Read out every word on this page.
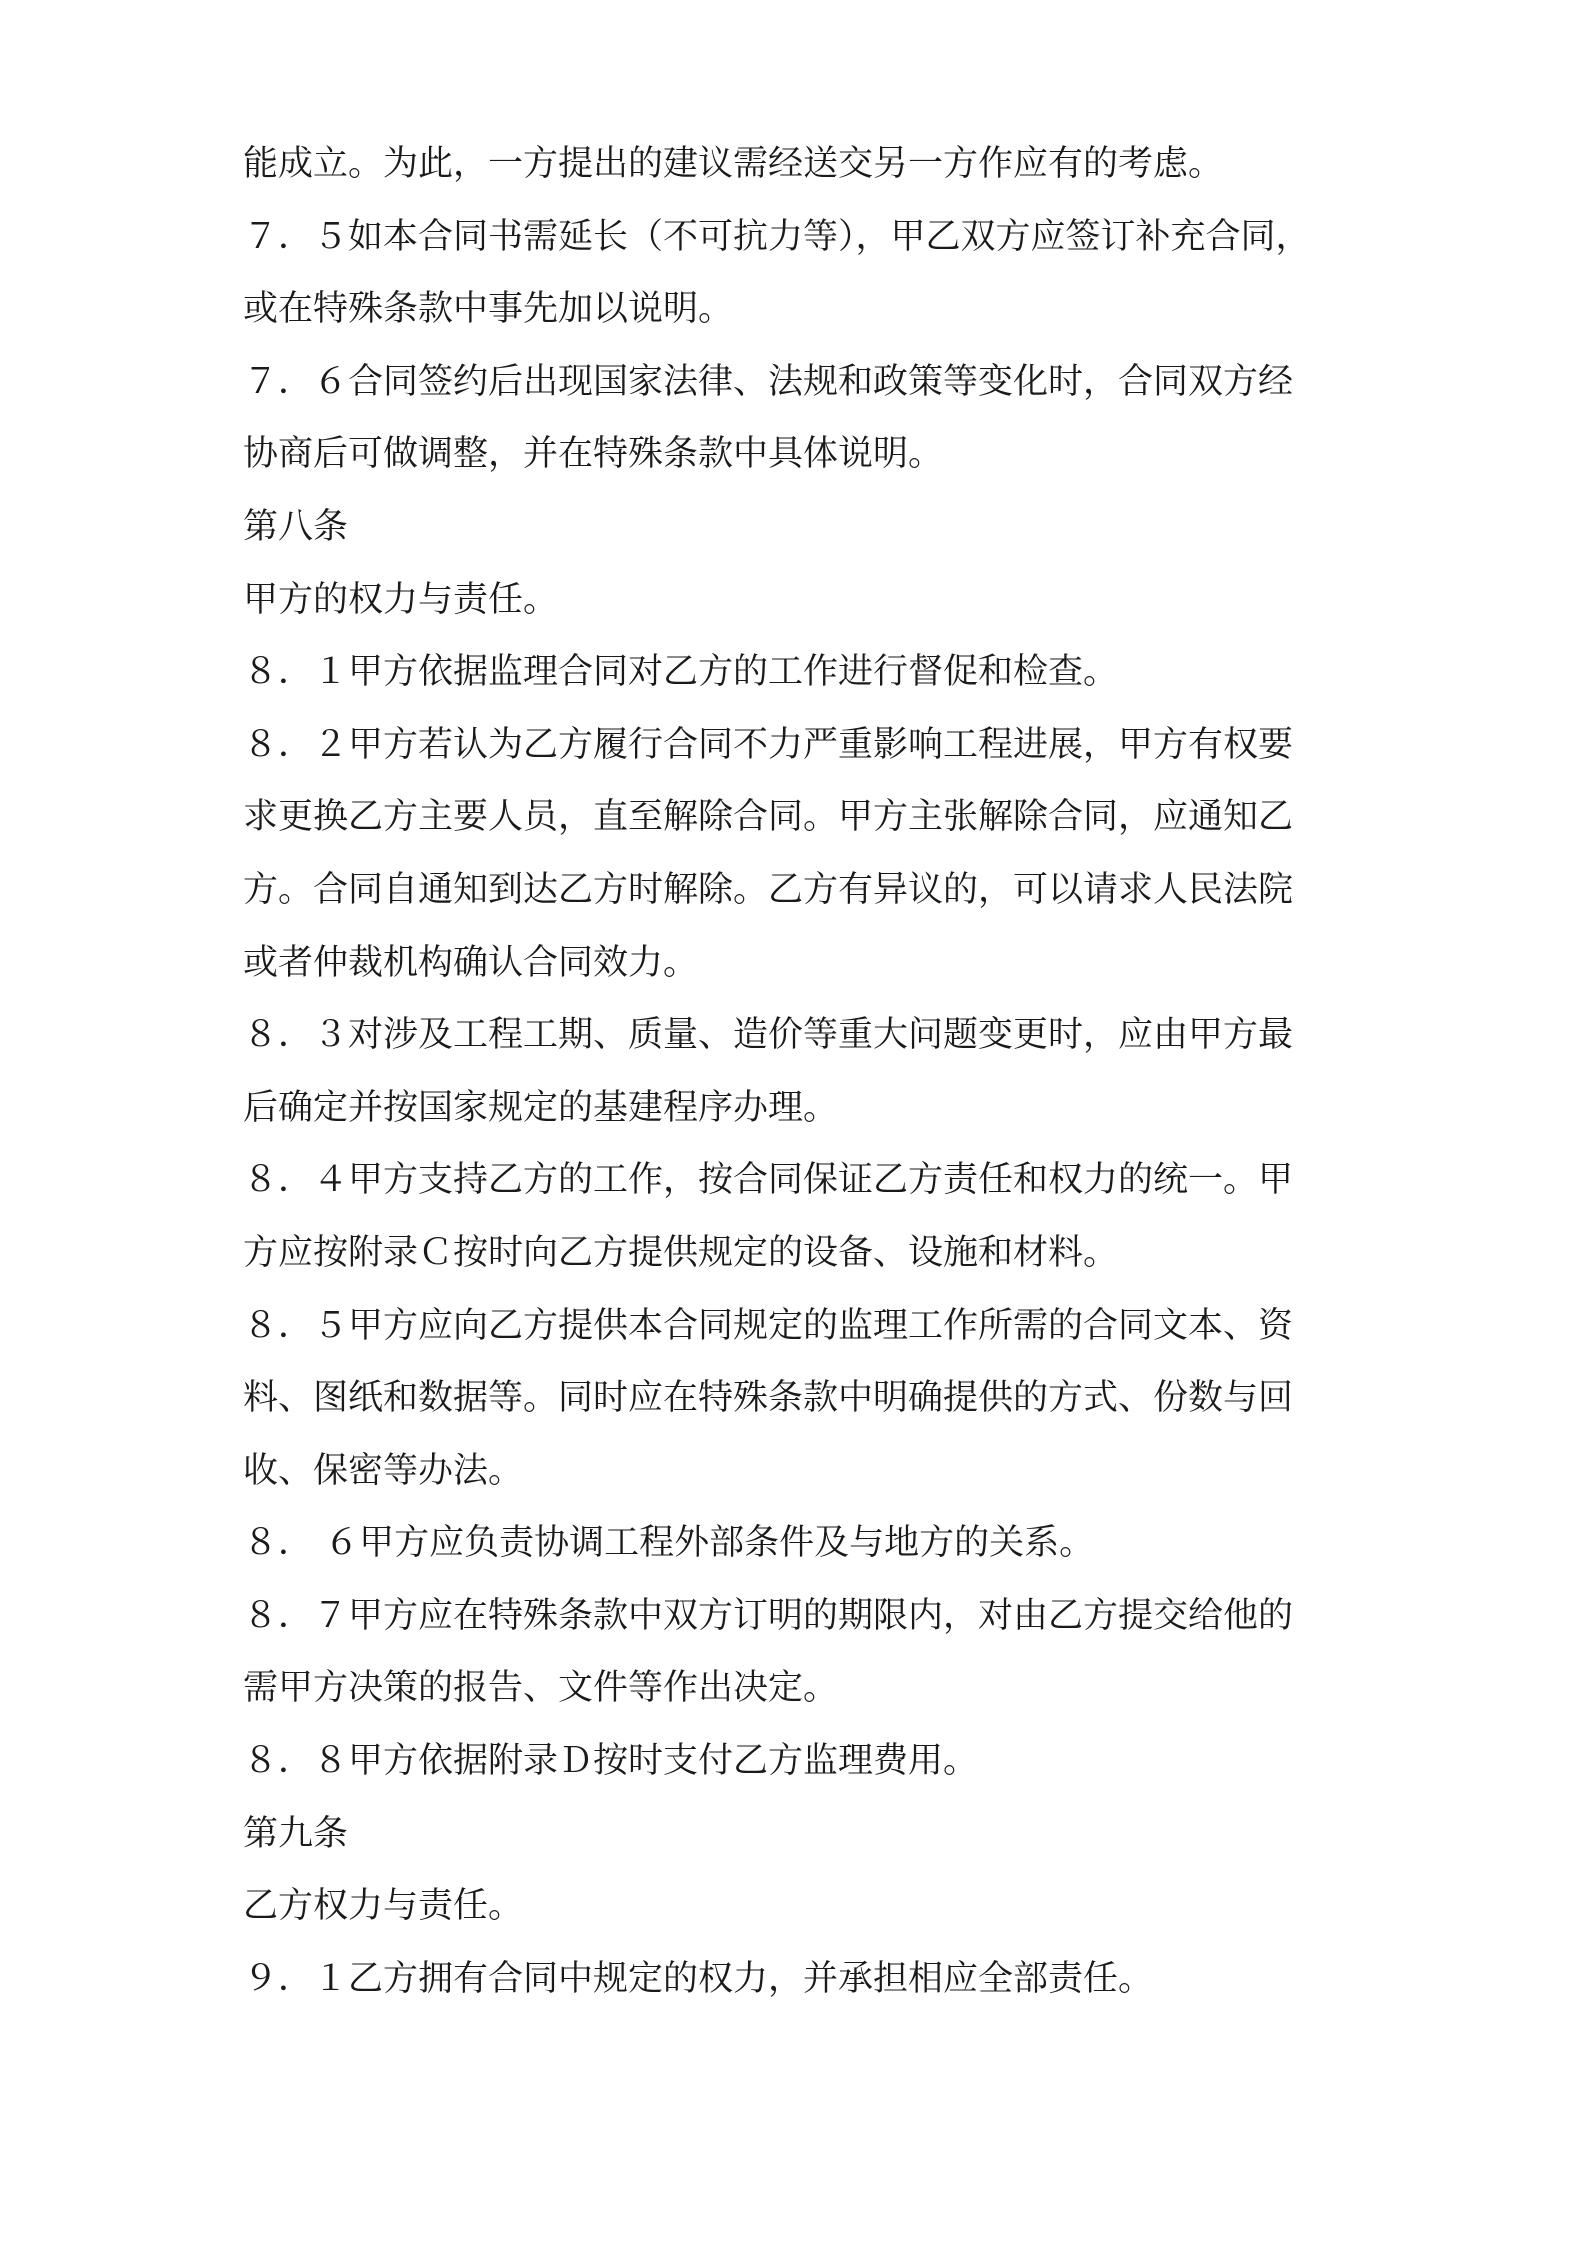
能成立。为此，一方提出的建议需经送交另一方作应有的考虑。
７．５如本合同书需延长（不可抗力等），甲乙双方应签订补充合同，
或在特殊条款中事先加以说明。
７．６合同签约后出现国家法律、法规和政策等变化时，合同双方经
协商后可做调整，并在特殊条款中具体说明。
第八条
甲方的权力与责任。
８．１甲方依据监理合同对乙方的工作进行督促和检查。
８．２甲方若认为乙方履行合同不力严重影响工程进展，甲方有权要
求更换乙方主要人员，直至解除合同。甲方主张解除合同，应通知乙
方。合同自通知到达乙方时解除。乙方有异议的，可以请求人民法院
或者仲裁机构确认合同效力。
８．３对涉及工程工期、质量、造价等重大问题变更时，应由甲方最
后确定并按国家规定的基建程序办理。
８．４甲方支持乙方的工作，按合同保证乙方责任和权力的统一。甲
方应按附录Ｃ按时向乙方提供规定的设备、设施和材料。
８．５甲方应向乙方提供本合同规定的监理工作所需的合同文本、资
料、图纸和数据等。同时应在特殊条款中明确提供的方式、份数与回
收、保密等办法。
８． ６甲方应负责协调工程外部条件及与地方的关系。
８．７甲方应在特殊条款中双方订明的期限内，对由乙方提交给他的
需甲方决策的报告、文件等作出决定。
８．８甲方依据附录Ｄ按时支付乙方监理费用。
第九条
乙方权力与责任。
９．１乙方拥有合同中规定的权力，并承担相应全部责任。
